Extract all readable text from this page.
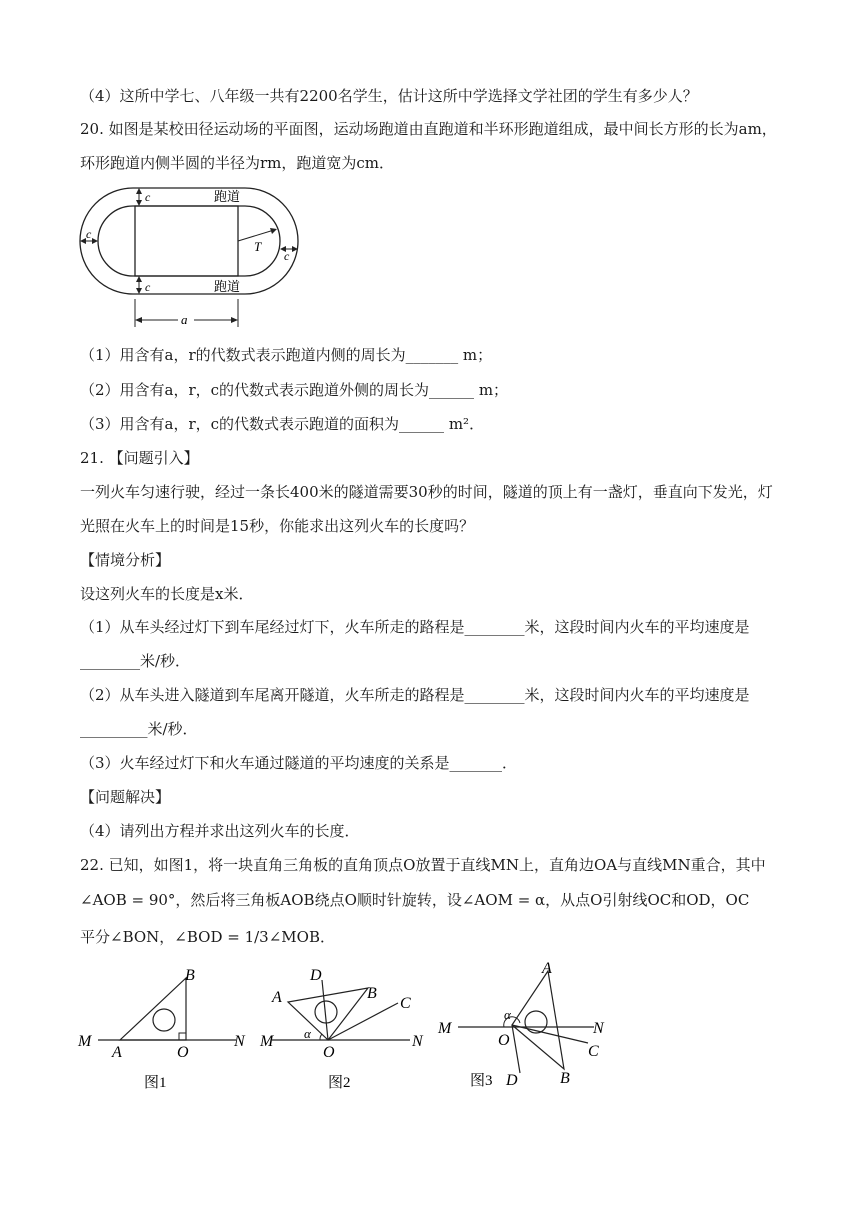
（4）这所中学七、八年级一共有2200名学生，估计这所中学选择文学社团的学生有多少人？
20. 如图是某校田径运动场的平面图，运动场跑道由直跑道和半环形跑道组成，最中间长方形的长为am，
环形跑道内侧半圆的半径为rm，跑道宽为cm．
c	跑道
c	跑道
c
c
T
a
（1）用含有a，r的代数式表示跑道内侧的周长为_______ m；
（2）用含有a，r，c的代数式表示跑道外侧的周长为______ m；
（3）用含有a，r，c的代数式表示跑道的面积为______ m²．
21. 【问题引入】
一列火车匀速行驶，经过一条长400米的隧道需要30秒的时间，隧道的顶上有一盏灯，垂直向下发光，灯
光照在火车上的时间是15秒，你能求出这列火车的长度吗？
【情境分析】
设这列火车的长度是x米．
（1）从车头经过灯下到车尾经过灯下，火车所走的路程是________米，这段时间内火车的平均速度是
________米/秒．
（2）从车头进入隧道到车尾离开隧道，火车所走的路程是________米，这段时间内火车的平均速度是
_________米/秒．
（3）火车经过灯下和火车通过隧道的平均速度的关系是_______．
【问题解决】
（4）请列出方程并求出这列火车的长度．
22. 已知，如图1，将一块直角三角板的直角顶点O放置于直线MN上，直角边OA与直线MN重合，其中
∠AOB = 90°，然后将三角板AOB绕点O顺时针旋转，设∠AOM = α，从点O引射线OC和OD，OC
平分∠BON，∠BOD = 1/3∠MOB．
M	N
A
B
O
图1
M	N
A	B
O
C
D
α
图2
M	N
A
B
O
C
D
α
图3
